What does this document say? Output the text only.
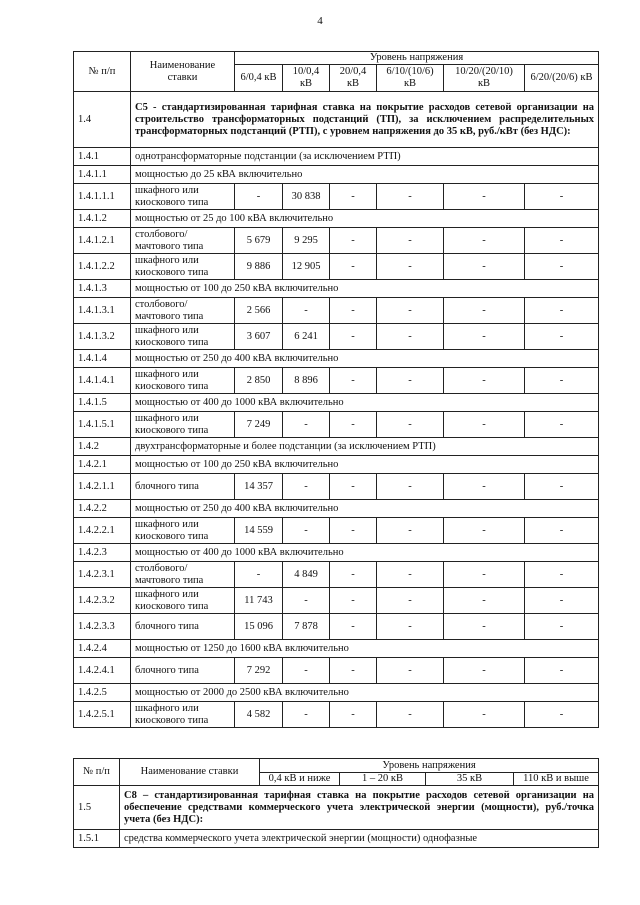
4
№ п/п	Наименование ставки	Уровень напряжения					
		6/0,4 кВ	10/0,4 кВ	20/0,4 кВ	6/10/(10/6) кВ	10/20/(20/10) кВ	6/20/(20/6) кВ
1.4	С5 - стандартизированная тарифная ставка на покрытие расходов сетевой организации на строительство трансформаторных подстанций (ТП), за исключением распределительных трансформаторных подстанций (РТП), с уровнем напряжения до 35 кВ, руб./кВт (без НДС):						
1.4.1	однотрансформаторные подстанции (за исключением РТП)						
1.4.1.1	мощностью до 25 кВА включительно						
1.4.1.1.1	шкафного или киоскового типа	-	30 838	-	-	-	-
1.4.1.2	мощностью от 25 до 100 кВА включительно						
1.4.1.2.1	столбового/ мачтового типа	5 679	9 295	-	-	-	-
1.4.1.2.2	шкафного или киоскового типа	9 886	12 905	-	-	-	-
1.4.1.3	мощностью от 100 до 250 кВА включительно						
1.4.1.3.1	столбового/ мачтового типа	2 566	-	-	-	-	-
1.4.1.3.2	шкафного или киоскового типа	3 607	6 241	-	-	-	-
1.4.1.4	мощностью от 250 до 400 кВА включительно						
1.4.1.4.1	шкафного или киоскового типа	2 850	8 896	-	-	-	-
1.4.1.5	мощностью от 400 до 1000 кВА включительно						
1.4.1.5.1	шкафного или киоскового типа	7 249	-	-	-	-	-
1.4.2	двухтрансформаторные и более подстанции (за исключением РТП)						
1.4.2.1	мощностью от 100 до 250 кВА включительно						
1.4.2.1.1	блочного типа	14 357	-	-	-	-	-
1.4.2.2	мощностью от 250 до 400 кВА включительно						
1.4.2.2.1	шкафного или киоскового типа	14 559	-	-	-	-	-
1.4.2.3	мощностью от 400 до 1000 кВА включительно						
1.4.2.3.1	столбового/ мачтового типа	-	4 849	-	-	-	-
1.4.2.3.2	шкафного или киоскового типа	11 743	-	-	-	-	-
1.4.2.3.3	блочного типа	15 096	7 878	-	-	-	-
1.4.2.4	мощностью от 1250 до 1600 кВА включительно						
1.4.2.4.1	блочного типа	7 292	-	-	-	-	-
1.4.2.5	мощностью от 2000 до 2500 кВА включительно						
1.4.2.5.1	шкафного или киоскового типа	4 582	-	-	-	-	-
№ п/п	Наименование ставки	Уровень напряжения			
		0,4 кВ и ниже	1 – 20 кВ	35 кВ	110 кВ и выше
1.5	С8 – стандартизированная тарифная ставка на покрытие расходов сетевой организации на обеспечение средствами коммерческого учета электрической энергии (мощности), руб./точка учета (без НДС):				
1.5.1	средства коммерческого учета электрической энергии (мощности) однофазные				
